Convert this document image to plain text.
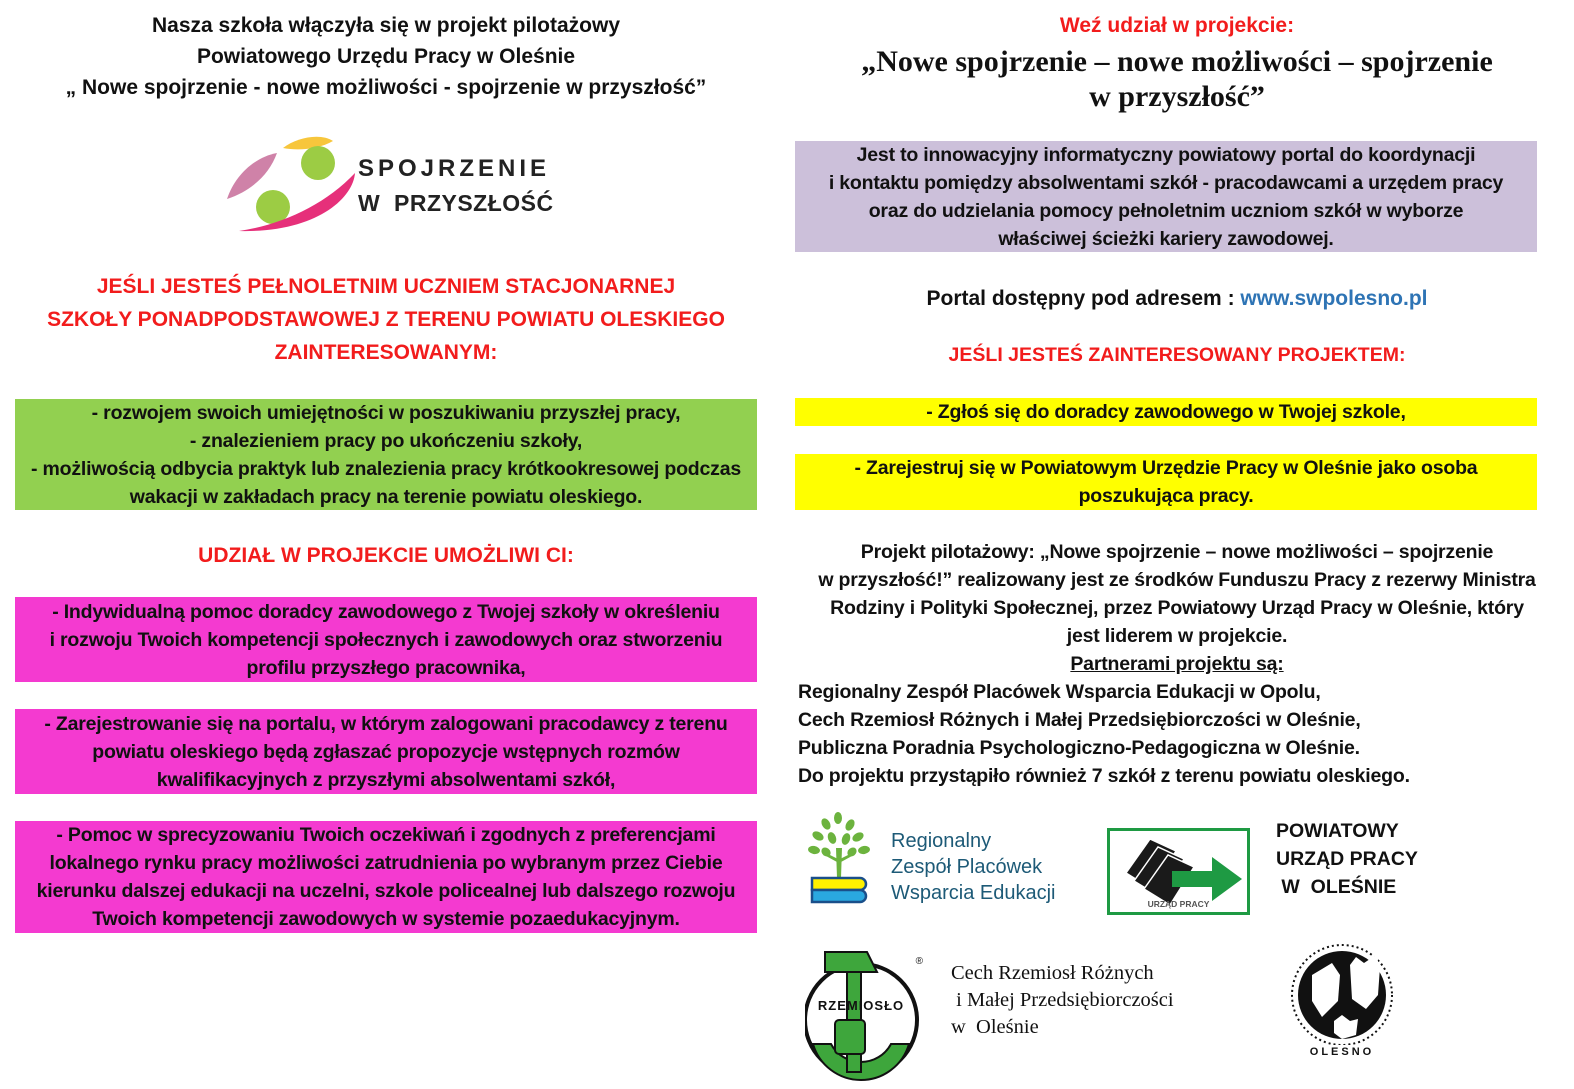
Nasza szkoła włączyła się w projekt pilotażowy
Powiatowego Urzędu Pracy w Oleśnie
„ Nowe spojrzenie - nowe możliwości - spojrzenie w przyszłość”
SPOJRZENIE
W  PRZYSZŁOŚĆ
JEŚLI JESTEŚ PEŁNOLETNIM UCZNIEM STACJONARNEJ
SZKOŁY PONADPODSTAWOWEJ Z TERENU POWIATU OLESKIEGO
ZAINTERESOWANYM:
- rozwojem swoich umiejętności w poszukiwaniu przyszłej pracy,
- znalezieniem pracy po ukończeniu szkoły,
- możliwością odbycia praktyk lub znalezienia pracy krótkookresowej podczas
wakacji w zakładach pracy na terenie powiatu oleskiego.
UDZIAŁ W PROJEKCIE UMOŻLIWI CI:
- Indywidualną pomoc doradcy zawodowego z Twojej szkoły w określeniu
i rozwoju Twoich kompetencji społecznych i zawodowych oraz stworzeniu
profilu przyszłego pracownika,
- Zarejestrowanie się na portalu, w którym zalogowani pracodawcy z terenu
powiatu oleskiego będą zgłaszać propozycje wstępnych rozmów
kwalifikacyjnych z przyszłymi absolwentami szkół,
- Pomoc w sprecyzowaniu Twoich oczekiwań i zgodnych z preferencjami
lokalnego rynku pracy możliwości zatrudnienia po wybranym przez Ciebie
kierunku dalszej edukacji na uczelni, szkole policealnej lub dalszego rozwoju
Twoich kompetencji zawodowych w systemie pozaedukacyjnym.
Weź udział w projekcie:
„Nowe spojrzenie – nowe możliwości – spojrzenie
w przyszłość”
Jest to innowacyjny informatyczny powiatowy portal do koordynacji
i kontaktu pomiędzy absolwentami szkół - pracodawcami a urzędem pracy
oraz do udzielania pomocy pełnoletnim uczniom szkół w wyborze
właściwej ścieżki kariery zawodowej.
Portal dostępny pod adresem : www.swpolesno.pl
JEŚLI JESTEŚ ZAINTERESOWANY PROJEKTEM:
- Zgłoś się do doradcy zawodowego w Twojej szkole,
- Zarejestruj się w Powiatowym Urzędzie Pracy w Oleśnie jako osoba
poszukująca pracy.
Projekt pilotażowy: „Nowe spojrzenie – nowe możliwości – spojrzenie
w przyszłość!” realizowany jest ze środków Funduszu Pracy z rezerwy Ministra
Rodziny i Polityki Społecznej, przez Powiatowy Urząd Pracy w Oleśnie, który
jest liderem w projekcie.
Partnerami projektu są:
Regionalny Zespół Placówek Wsparcia Edukacji w Opolu,
Cech Rzemiosł Różnych i Małej Przedsiębiorczości w Oleśnie,
Publiczna Poradnia Psychologiczno-Pedagogiczna w Oleśnie.
Do projektu przystąpiło również 7 szkół z terenu powiatu oleskiego.
Regionalny
Zespół Placówek
Wsparcia Edukacji	URZĄD PRACY
POWIATOWY
URZĄD PRACY
W  OLEŚNIE
®
RZEMIOSŁO
Cech Rzemiosł Różnych
i Małej Przedsiębiorczości
w  Oleśnie
OLESNO
